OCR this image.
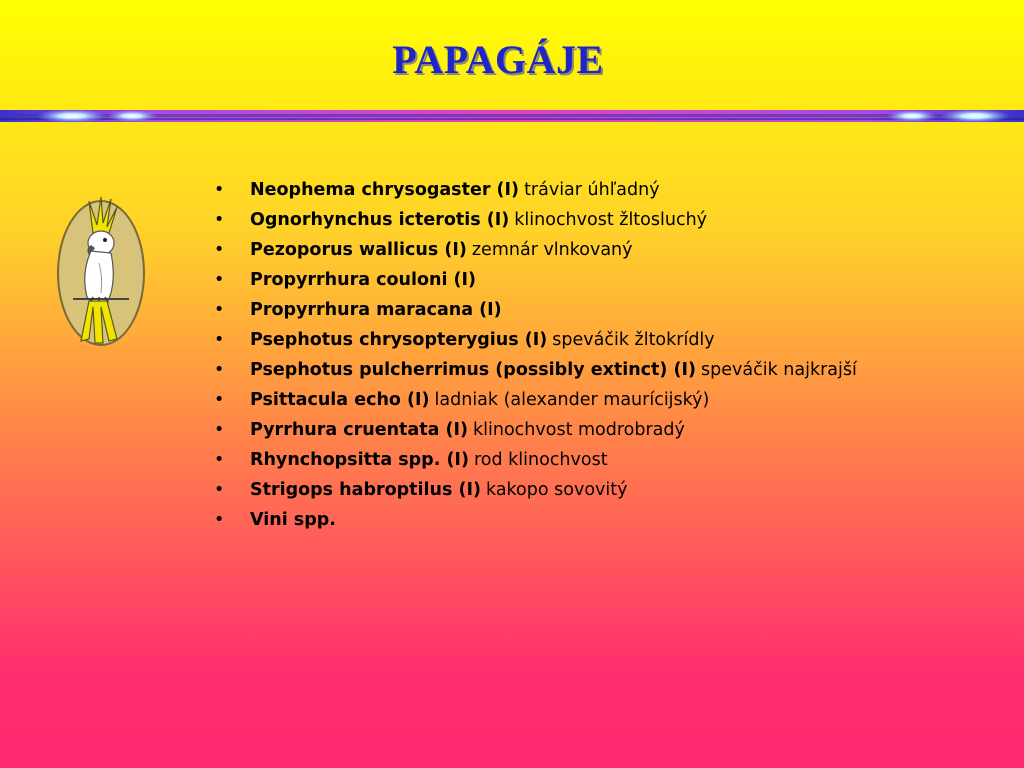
PAPAGÁJE
•	Neophema chrysogaster (I) tráviar úhľadný
•	Ognorhynchus icterotis (I) klinochvost žltosluchý
•	Pezoporus wallicus (I) zemnár vlnkovaný
•	Propyrrhura couloni (I)
•	Propyrrhura maracana (I)
•	Psephotus chrysopterygius (I) speváčik žltokrídly
•	Psephotus pulcherrimus (possibly extinct) (I) speváčik najkrajší
•	Psittacula echo (I) ladniak (alexander maurícijský)
•	Pyrrhura cruentata (I) klinochvost modrobradý
•	Rhynchopsitta spp. (I) rod klinochvost
•	Strigops habroptilus (I) kakopo sovovitý
•	Vini spp.
